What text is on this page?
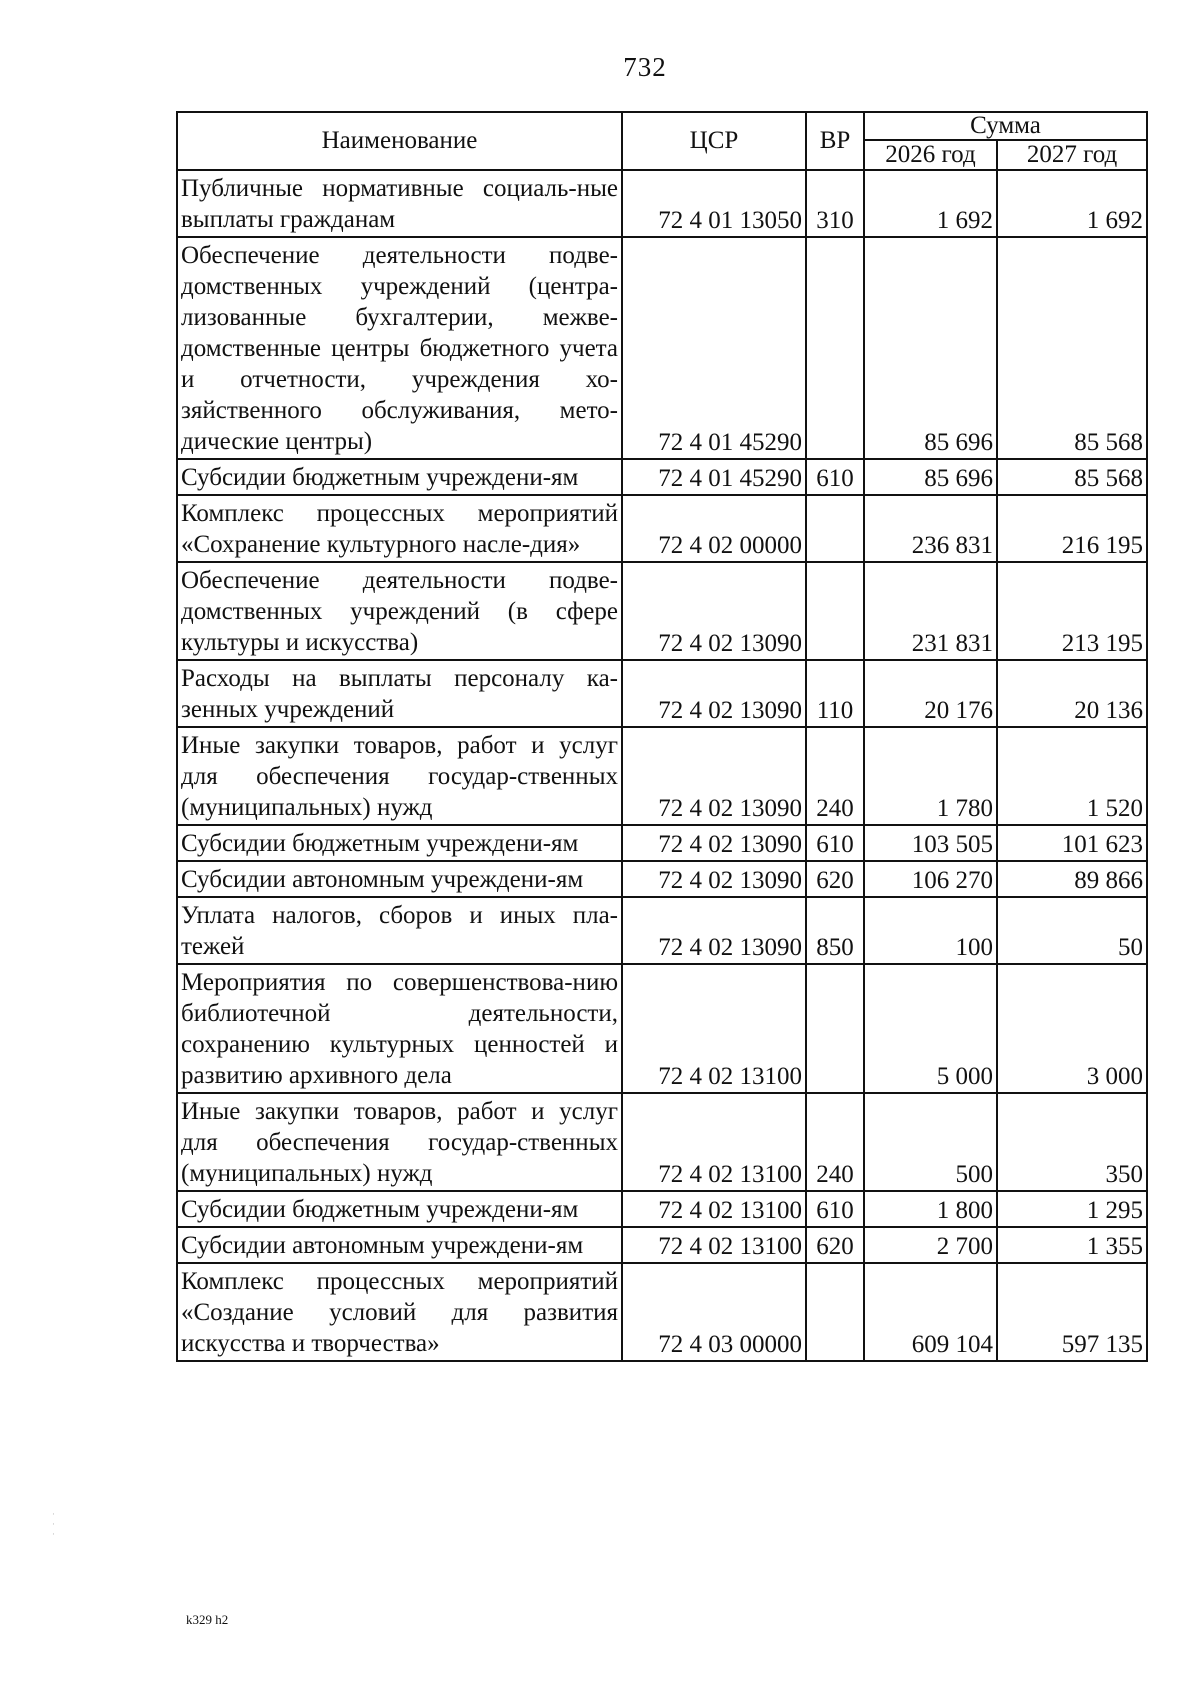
732
Наименование	ЦСР	ВР	Сумма	
			2026 год	2027 год
Публичные нормативные социаль-ные выплаты гражданам	72 4 01 13050	310	1 692	1 692
Обеспечение деятельности подве-домственных учреждений (центра-лизованные бухгалтерии, межве-домственные центры бюджетного учета и отчетности, учреждения хо-зяйственного обслуживания, мето-дические центры)	72 4 01 45290		85 696	85 568
Субсидии бюджетным учреждени-ям	72 4 01 45290	610	85 696	85 568
Комплекс процессных мероприятий «Сохранение культурного насле-дия»	72 4 02 00000		236 831	216 195
Обеспечение деятельности подве-домственных учреждений (в сфере культуры и искусства)	72 4 02 13090		231 831	213 195
Расходы на выплаты персоналу ка-зенных учреждений	72 4 02 13090	110	20 176	20 136
Иные закупки товаров, работ и услуг для обеспечения государ-ственных (муниципальных) нужд	72 4 02 13090	240	1 780	1 520
Субсидии бюджетным учреждени-ям	72 4 02 13090	610	103 505	101 623
Субсидии автономным учреждени-ям	72 4 02 13090	620	106 270	89 866
Уплата налогов, сборов и иных пла-тежей	72 4 02 13090	850	100	50
Мероприятия по совершенствова-нию библиотечной деятельности, сохранению культурных ценностей и развитию архивного дела	72 4 02 13100		5 000	3 000
Иные закупки товаров, работ и услуг для обеспечения государ-ственных (муниципальных) нужд	72 4 02 13100	240	500	350
Субсидии бюджетным учреждени-ям	72 4 02 13100	610	1 800	1 295
Субсидии автономным учреждени-ям	72 4 02 13100	620	2 700	1 355
Комплекс процессных мероприятий «Создание условий для развития искусства и творчества»	72 4 03 00000		609 104	597 135
k329 h2
·
·
·
